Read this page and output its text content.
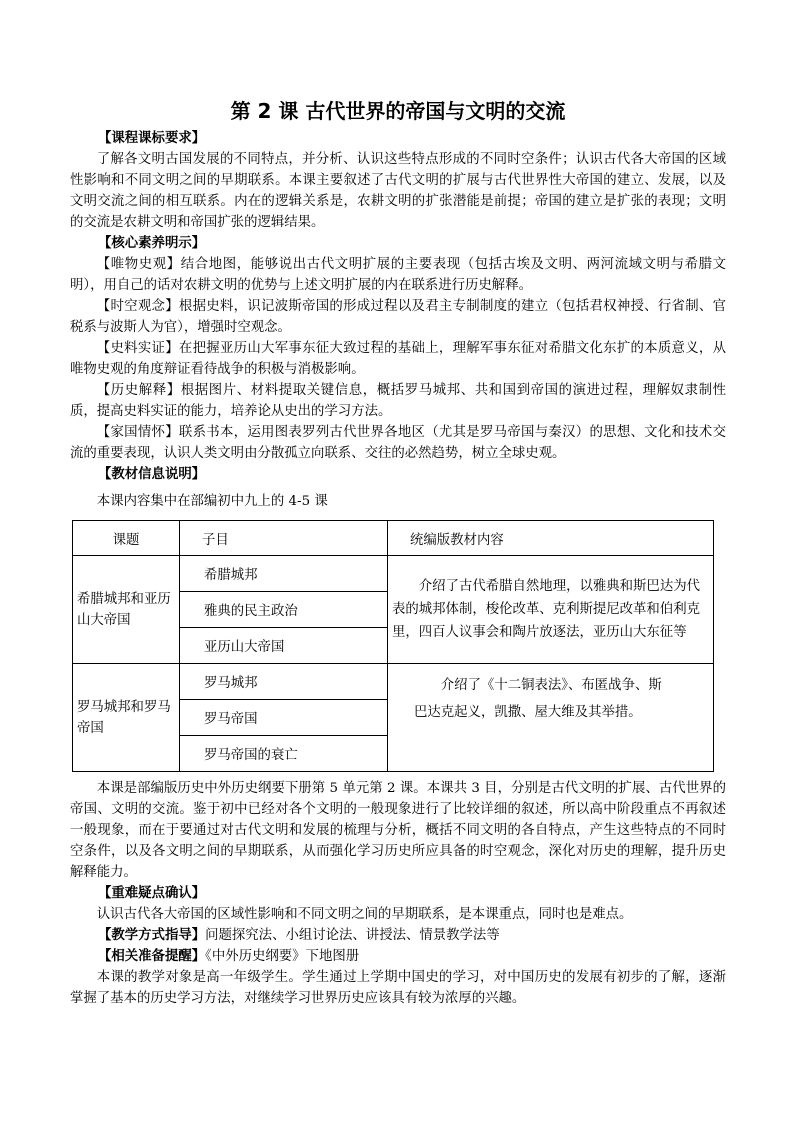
第 2 课 古代世界的帝国与文明的交流

【课程课标要求】

了解各文明古国发展的不同特点，并分析、认识这些特点形成的不同时空条件；认识古代各大帝国的区域性影响和不同文明之间的早期联系。本课主要叙述了古代文明的扩展与古代世界性大帝国的建立、发展，以及文明交流之间的相互联系。内在的逻辑关系是，农耕文明的扩张潜能是前提；帝国的建立是扩张的表现；文明的交流是农耕文明和帝国扩张的逻辑结果。

【核心素养明示】

【唯物史观】结合地图，能够说出古代文明扩展的主要表现（包括古埃及文明、两河流域文明与希腊文明），用自己的话对农耕文明的优势与上述文明扩展的内在联系进行历史解释。

【时空观念】根据史料，识记波斯帝国的形成过程以及君主专制制度的建立（包括君权神授、行省制、官税系与波斯人为官），增强时空观念。

【史料实证】在把握亚历山大军事东征大致过程的基础上，理解军事东征对希腊文化东扩的本质意义，从唯物史观的角度辩证看待战争的积极与消极影响。

【历史解释】根据图片、材料提取关键信息，概括罗马城邦、共和国到帝国的演进过程，理解奴隶制性质，提高史料实证的能力，培养论从史出的学习方法。

【家国情怀】联系书本，运用图表罗列古代世界各地区（尤其是罗马帝国与秦汉）的思想、文化和技术交流的重要表现，认识人类文明由分散孤立向联系、交往的必然趋势，树立全球史观。

【教材信息说明】

本课内容集中在部编初中九上的 4-5 课

课题	子目	统编版教材内容
希腊城邦和亚历山大帝国	希腊城邦	介绍了古代希腊自然地理，以雅典和斯巴达为代表的城邦体制，梭伦改革、克利斯提尼改革和伯利克里，四百人议事会和陶片放逐法，亚历山大东征等

	雅典的民主政治	
	亚历山大帝国	
罗马城邦和罗马帝国	罗马城邦	介绍了《十二铜表法》、布匿战争、斯巴达克起义，凯撒、屋大维及其举措。

	罗马帝国	
	罗马帝国的衰亡	

本课是部编版历史中外历史纲要下册第 5 单元第 2 课。本课共 3 目，分别是古代文明的扩展、古代世界的帝国、文明的交流。鉴于初中已经对各个文明的一般现象进行了比较详细的叙述，所以高中阶段重点不再叙述一般现象，而在于要通过对古代文明和发展的梳理与分析，概括不同文明的各自特点，产生这些特点的不同时空条件，以及各文明之间的早期联系，从而强化学习历史所应具备的时空观念，深化对历史的理解，提升历史解释能力。

【重难疑点确认】

认识古代各大帝国的区域性影响和不同文明之间的早期联系，是本课重点，同时也是难点。

【教学方式指导】问题探究法、小组讨论法、讲授法、情景教学法等

【相关准备提醒】《中外历史纲要》下地图册

本课的教学对象是高一年级学生。学生通过上学期中国史的学习，对中国历史的发展有初步的了解，逐渐掌握了基本的历史学习方法，对继续学习世界历史应该具有较为浓厚的兴趣。
